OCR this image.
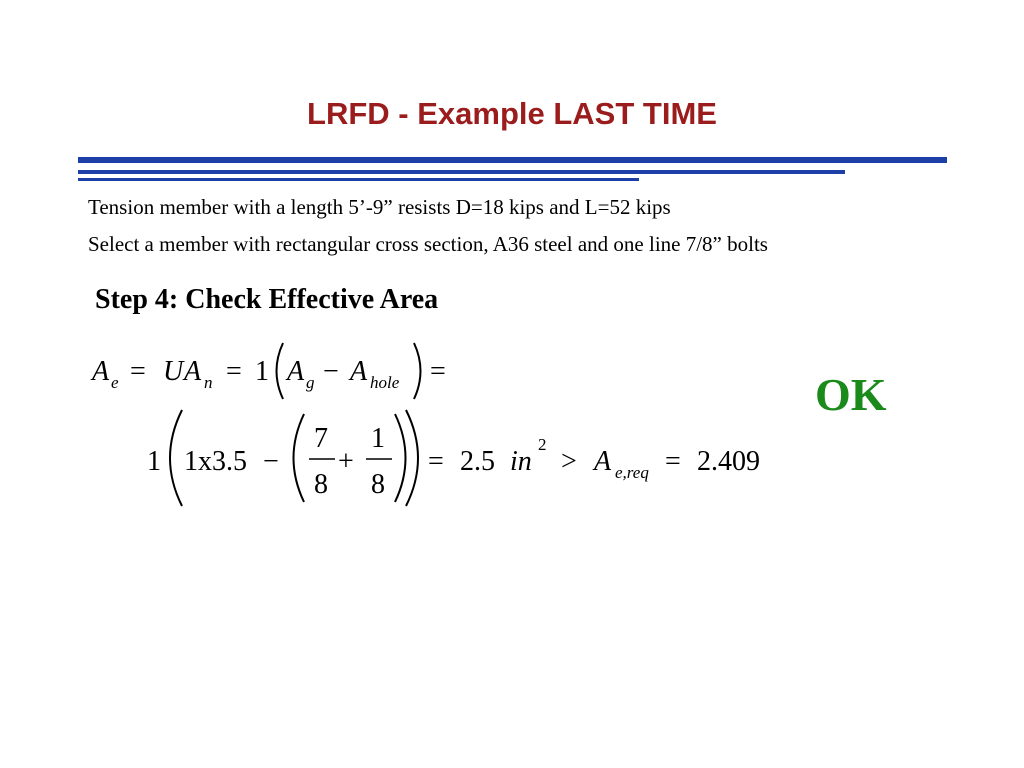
LRFD - Example LAST TIME
Tension member with a length 5’-9” resists D=18 kips and L=52 kips
Select a member with rectangular cross section, A36 steel and one line 7/8” bolts
Step 4: Check Effective Area
OK
A e = U A n = 1 A g − A hole =
1 1x3.5 −
7
8
+
1
8
= 2.5 in
2
> A e,req = 2.409
